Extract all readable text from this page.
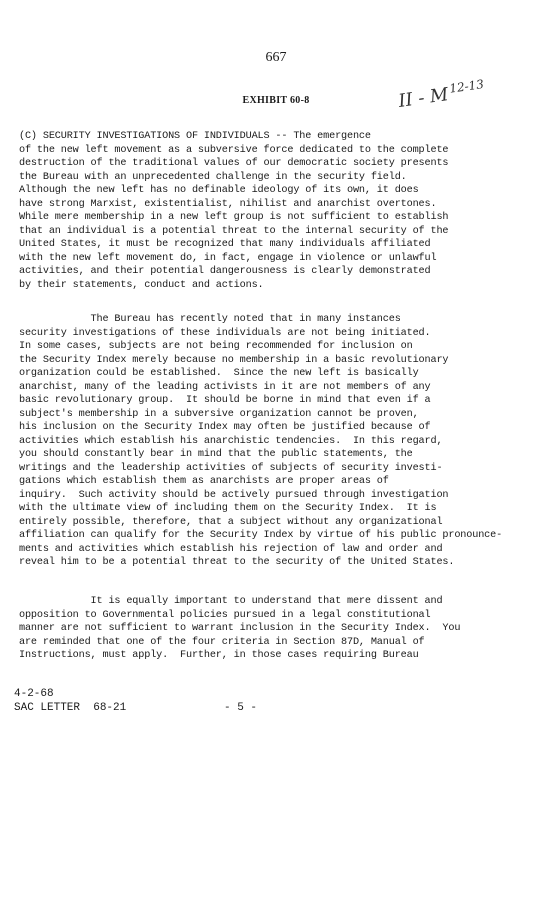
667
EXHIBIT 60-8	II - $M^{12-13}$
(C) SECURITY INVESTIGATIONS OF INDIVIDUALS -- The emergence
of the new left movement as a subversive force dedicated to the complete
destruction of the traditional values of our democratic society presents
the Bureau with an unprecedented challenge in the security field.
Although the new left has no definable ideology of its own, it does
have strong Marxist, existentialist, nihilist and anarchist overtones.
While mere membership in a new left group is not sufficient to establish
that an individual is a potential threat to the internal security of the
United States, it must be recognized that many individuals affiliated
with the new left movement do, in fact, engage in violence or unlawful
activities, and their potential dangerousness is clearly demonstrated
by their statements, conduct and actions.
The Bureau has recently noted that in many instances
security investigations of these individuals are not being initiated.
In some cases, subjects are not being recommended for inclusion on
the Security Index merely because no membership in a basic revolutionary
organization could be established.  Since the new left is basically
anarchist, many of the leading activists in it are not members of any
basic revolutionary group.  It should be borne in mind that even if a
subject's membership in a subversive organization cannot be proven,
his inclusion on the Security Index may often be justified because of
activities which establish his anarchistic tendencies.  In this regard,
you should constantly bear in mind that the public statements, the
writings and the leadership activities of subjects of security investi-
gations which establish them as anarchists are proper areas of
inquiry.  Such activity should be actively pursued through investigation
with the ultimate view of including them on the Security Index.  It is
entirely possible, therefore, that a subject without any organizational
affiliation can qualify for the Security Index by virtue of his public pronounce-
ments and activities which establish his rejection of law and order and
reveal him to be a potential threat to the security of the United States.
It is equally important to understand that mere dissent and
opposition to Governmental policies pursued in a legal constitutional
manner are not sufficient to warrant inclusion in the Security Index.  You
are reminded that one of the four criteria in Section 87D, Manual of
Instructions, must apply.  Further, in those cases requiring Bureau
4-2-68
SAC LETTER  68-21	- 5 -
